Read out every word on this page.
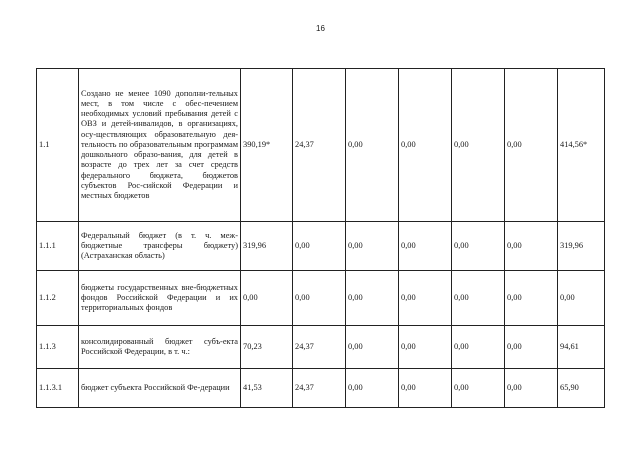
16
1.1	Создано не менее 1090 дополни-тельных мест, в том числе с обес-печением необходимых условий пребывания детей с ОВЗ и детей-инвалидов, в организациях, осу-ществляющих образовательную дея-тельность по образовательным программам дошкольного образо-вания, для детей в возрасте до трех лет за счет средств федерального бюджета, бюджетов субъектов Рос-сийской Федерации и местных бюджетов	390,19*	24,37	0,00	0,00	0,00	0,00	414,56*
1.1.1	Федеральный бюджет (в т. ч. меж-бюджетные трансферы бюджету) (Астраханская область)	319,96	0,00	0,00	0,00	0,00	0,00	319,96
1.1.2	бюджеты государственных вне-бюджетных фондов Российской Федерации и их территориальных фондов	0,00	0,00	0,00	0,00	0,00	0,00	0,00
1.1.3	консолидированный бюджет субъ-екта Российской Федерации, в т. ч.:	70,23	24,37	0,00	0,00	0,00	0,00	94,61
1.1.3.1	бюджет субъекта Российской Фе-дерации	41,53	24,37	0,00	0,00	0,00	0,00	65,90
